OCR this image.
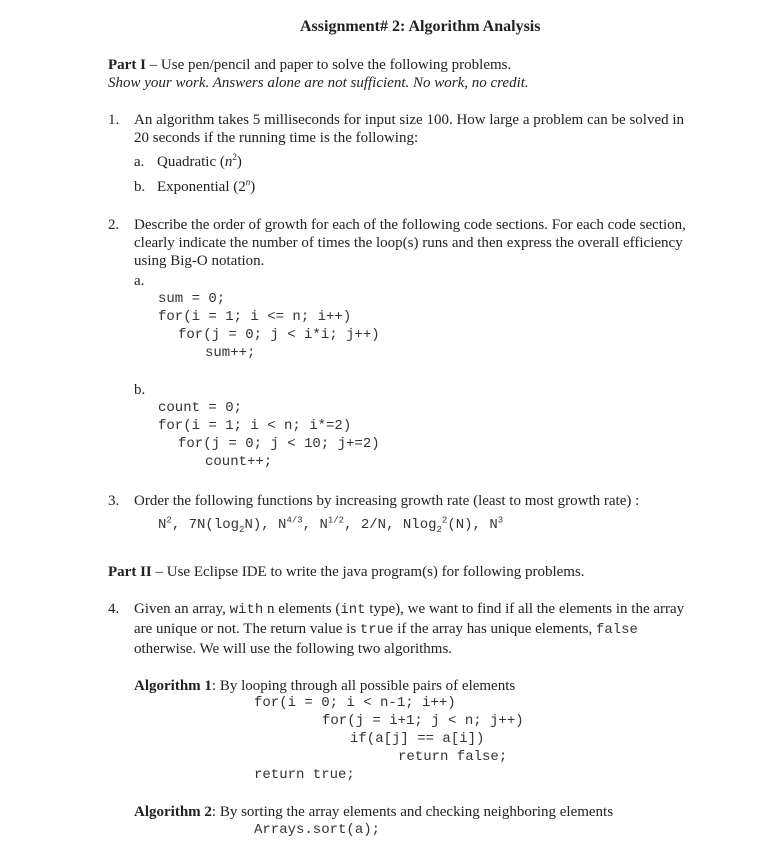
Assignment# 2: Algorithm Analysis
Part I – Use pen/pencil and paper to solve the following problems.
Show your work. Answers alone are not sufficient. No work, no credit.
1. An algorithm takes 5 milliseconds for input size 100. How large a problem can be solved in
20 seconds if the running time is the following:
a. Quadratic $(n^2)$
b. Exponential (2$^n$)
2. Describe the order of growth for each of the following code sections. For each code section,
clearly indicate the number of times the loop(s) runs and then express the overall efficiency
using Big-O notation.
a.
sum = 0;
for(i = 1; i <= n; i++)
for(j = 0; j < i*i; j++)
sum++;
b.
count = 0;
for(i = 1; i < n; i*=2)
for(j = 0; j < 10; j+=2)
count++;
3. Order the following functions by increasing growth rate (least to most growth rate) :
$N^2$, $7N(\log_2N)$, $N^{4/3}$, $N^{1/2}$, 2/N, Nlog$_2^2$(N), $N^3$
Part II – Use Eclipse IDE to write the java program(s) for following problems.
4. Given an array, with n elements (int type), we want to find if all the elements in the array
are unique or not. The return value is true if the array has unique elements, false
otherwise. We will use the following two algorithms.
Algorithm 1: By looping through all possible pairs of elements
for(i = 0; i < n-1; i++)
for(j = i+1; j < n; j++)
if(a[j] == a[i])
return false;
return true;
Algorithm 2: By sorting the array elements and checking neighboring elements
Arrays.sort(a);
